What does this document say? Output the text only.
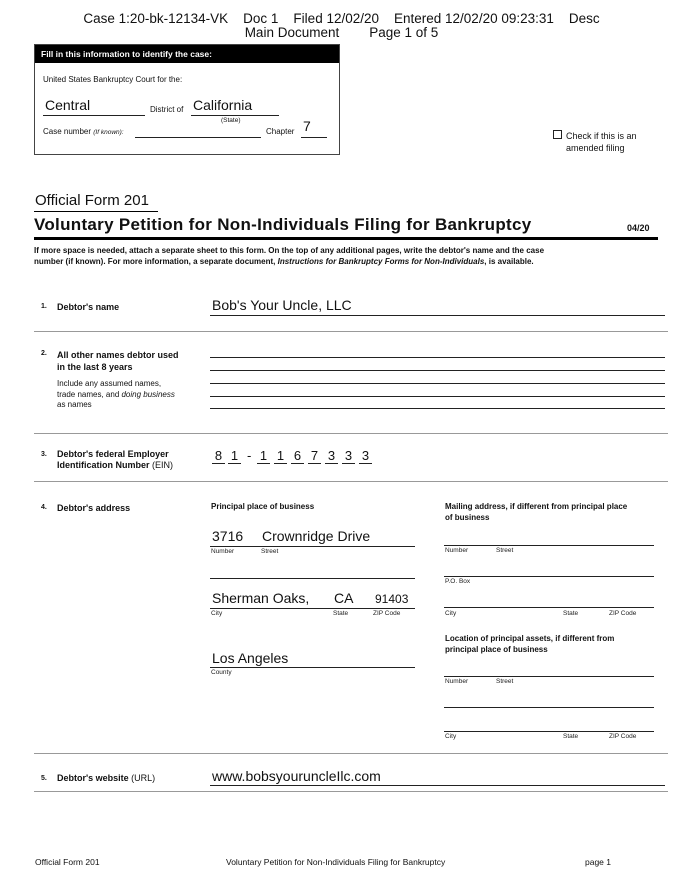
Case 1:20-bk-12134-VK    Doc 1    Filed 12/02/20    Entered 12/02/20 09:23:31    Desc
Main Document        Page 1 of 5
Fill in this information to identify the case:
United States Bankruptcy Court for the:
Central	District of California
(State)
Case number (If known):	Chapter 7
Check if this is an
amended filing
Official Form 201
Voluntary Petition for Non-Individuals Filing for Bankruptcy	04/20
If more space is needed, attach a separate sheet to this form. On the top of any additional pages, write the debtor's name and the case
number (if known). For more information, a separate document, Instructions for Bankruptcy Forms for Non-Individuals, is available.
1. Debtor's name	Bob's Your Uncle, LLC
2. All other names debtor used
in the last 8 years
Include any assumed names,
trade names, and doing business
as names
3. Debtor's federal Employer
Identification Number (EIN)
8 1 - 1 1 6 7 3 3 3
4. Debtor's address	Principal place of business
3716 Crownridge Drive
Number	Street
Sherman Oaks, CA 91403
City	State	ZIP Code
Los Angeles
County
Mailing address, if different from principal place
of business
Number	Street
P.O. Box
City	State	ZIP Code
Location of principal assets, if different from
principal place of business
Number	Street
City	State	ZIP Code
5. Debtor's website (URL)	www.bobsyouruncleIlc.com
Official Form 201	Voluntary Petition for Non-Individuals Filing for Bankruptcy	page 1
